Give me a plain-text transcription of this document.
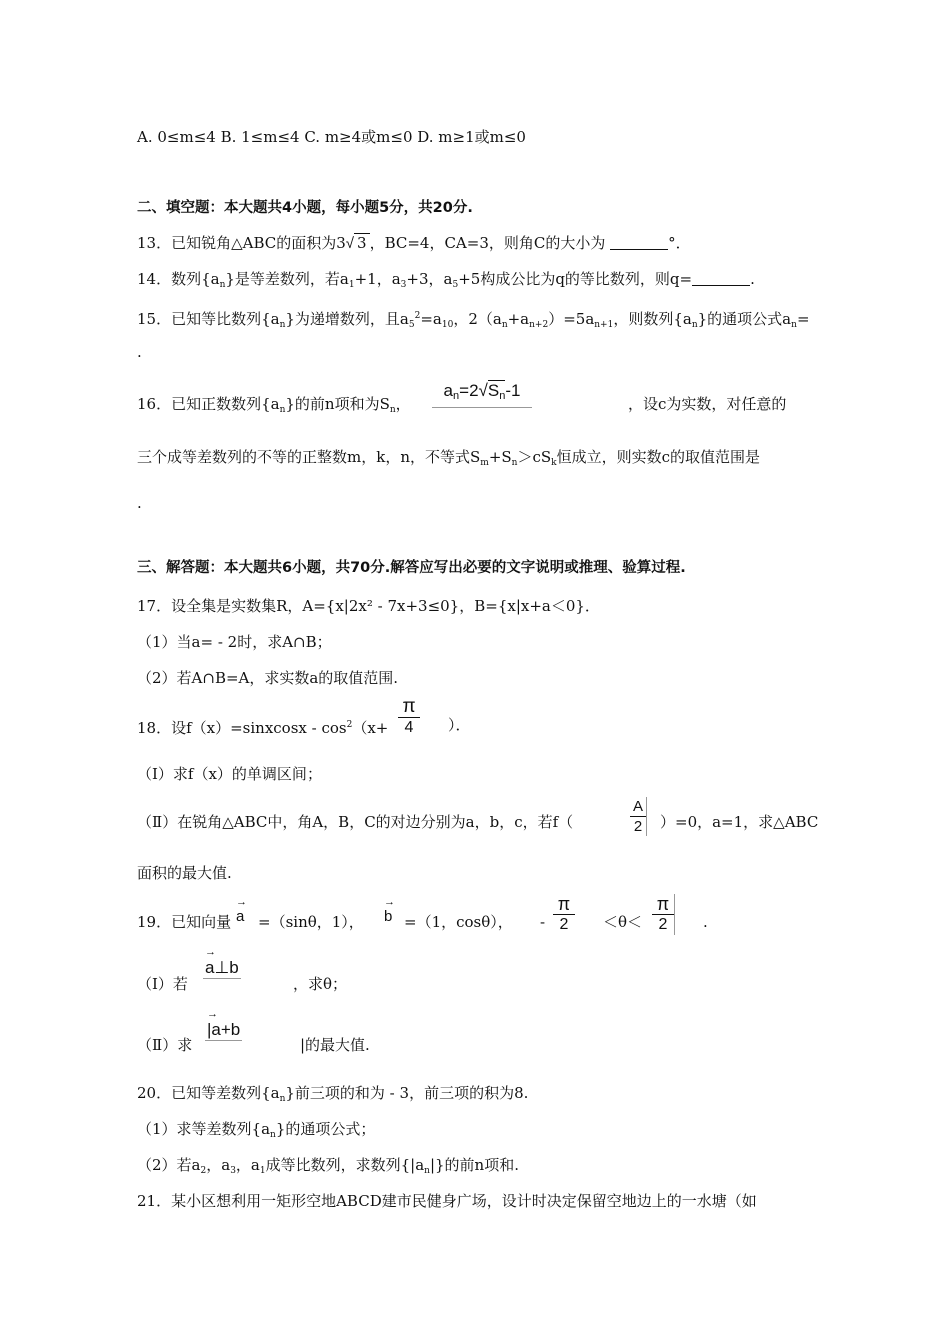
A. 0≤m≤4 B. 1≤m≤4 C. m≥4或m≤0 D. m≥1或m≤0
二、填空题：本大题共4小题，每小题5分，共20分.
13．已知锐角△ABC的面积为3√ 3 ，BC=4，CA=3，则角C的大小为	°．
14．数列$\{a_n\}$是等差数列，若$a_1+1$，$a_3+3$，$a_5+5$构成公比为q的等比数列，则q=	.
15．已知等比数列$\{a_n\}$为递增数列，且$a_5^2=a_{10}$，$2(a_n+a_{n+2})=5a_{n+1}$，则数列$\{a_n\}$的通项公式$a_n=$
.
16．已知正数数列$\{a_n\}$的前n项和为$S_n$，
$a_n=2√S_n-1$
，设c为实数，对任意的
三个成等差数列的不等的正整数m，k，n，不等式$S_m+S_n>cS_k$恒成立，则实数c的取值范围是
.
三、解答题：本大题共6小题，共70分.解答应写出必要的文字说明或推理、验算过程.
17．设全集是实数集R，A={x|2x² - 7x+3≤0}，B={x|x+a＜0}．
（1）当a= - 2时，求A∩B；
（2）若A∩B=A，求实数a的取值范围.
18．设f（x）=sinxcosx - $\cos^2(x+$
π
4	）．
（Ⅰ）求f（x）的单调区间；
（Ⅱ）在锐角△ABC中，角A，B，C的对边分别为a，b，c，若f（	$\frac{A}{2} )=0$，a=1，求△ABC
面积的最大值.
19．已知向量 → a =（sinθ，1）， → b =（1，cosθ）， - $\frac{\pi}{2} <\theta< \frac{\pi}{2}$ .
（Ⅰ）若
→ a⊥b
，求θ；
（Ⅱ）求
→ |a+b
|的最大值.
20．已知等差数列$\{a_n\}$前三项的和为 - 3，前三项的积为8.
（1）求等差数列$\{a_n\}$的通项公式；
（2）若$a_2$，$a_3$，$a_1$成等比数列，求数列$\{|a_n|\}$的前n项和.
21．某小区想利用一矩形空地ABCD建市民健身广场，设计时决定保留空地边上的一水塘（如
